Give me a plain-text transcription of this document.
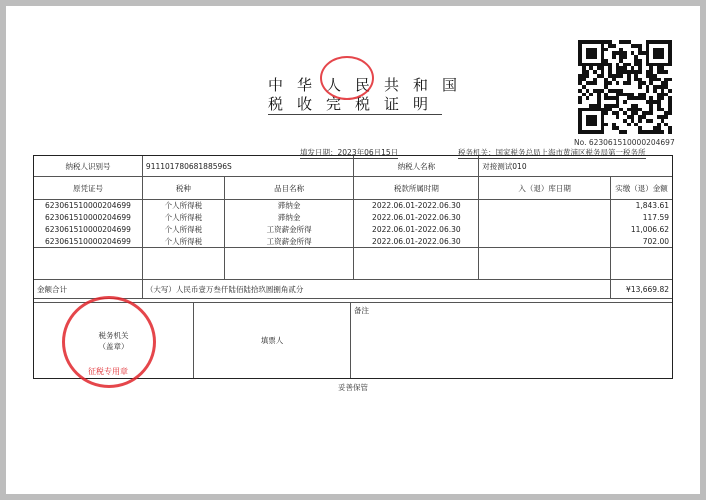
中华人民共和国
税收完税证明
No. 623061510000204697
填发日期：2023年06月15日	税务机关：国家税务总局上海市黄浦区税务局第一税务所
纳税人识别号	91110178068188596S		纳税人名称	对接测试010	
原凭证号	税种	品目名称	税款所属时期	入（退）库日期	实缴（退）金额
623061510000204699	个人所得税	滞纳金	2022.06.01-2022.06.30		1,843.61
623061510000204699	个人所得税	滞纳金	2022.06.01-2022.06.30		117.59
623061510000204699	个人所得税	工资薪金所得	2022.06.01-2022.06.30		11,006.62
623061510000204699	个人所得税	工资薪金所得	2022.06.01-2022.06.30		702.00

金额合计	（大写）人民币壹万叁仟陆佰陆拾玖圆捌角贰分				¥13,669.82
税务机关
（盖章）
填票人
备注
征税专用章
妥善保管
